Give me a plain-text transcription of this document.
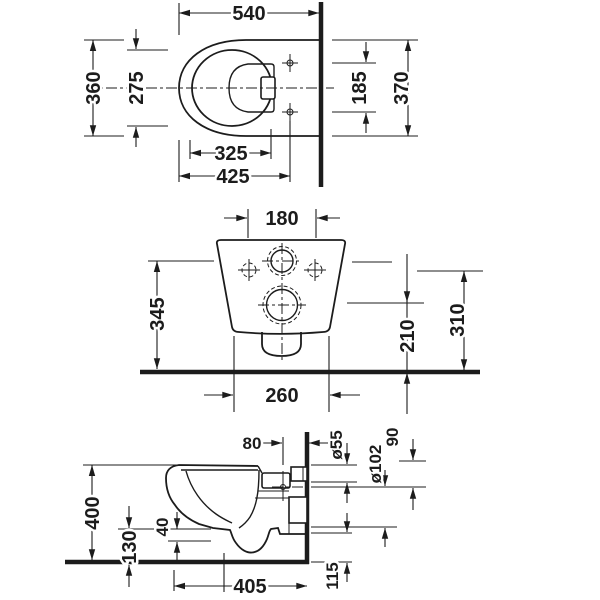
540
360 275	185 370
325
425
180
345
210 310
260
80	ø55 ø102
90
115
400
130
40
405
